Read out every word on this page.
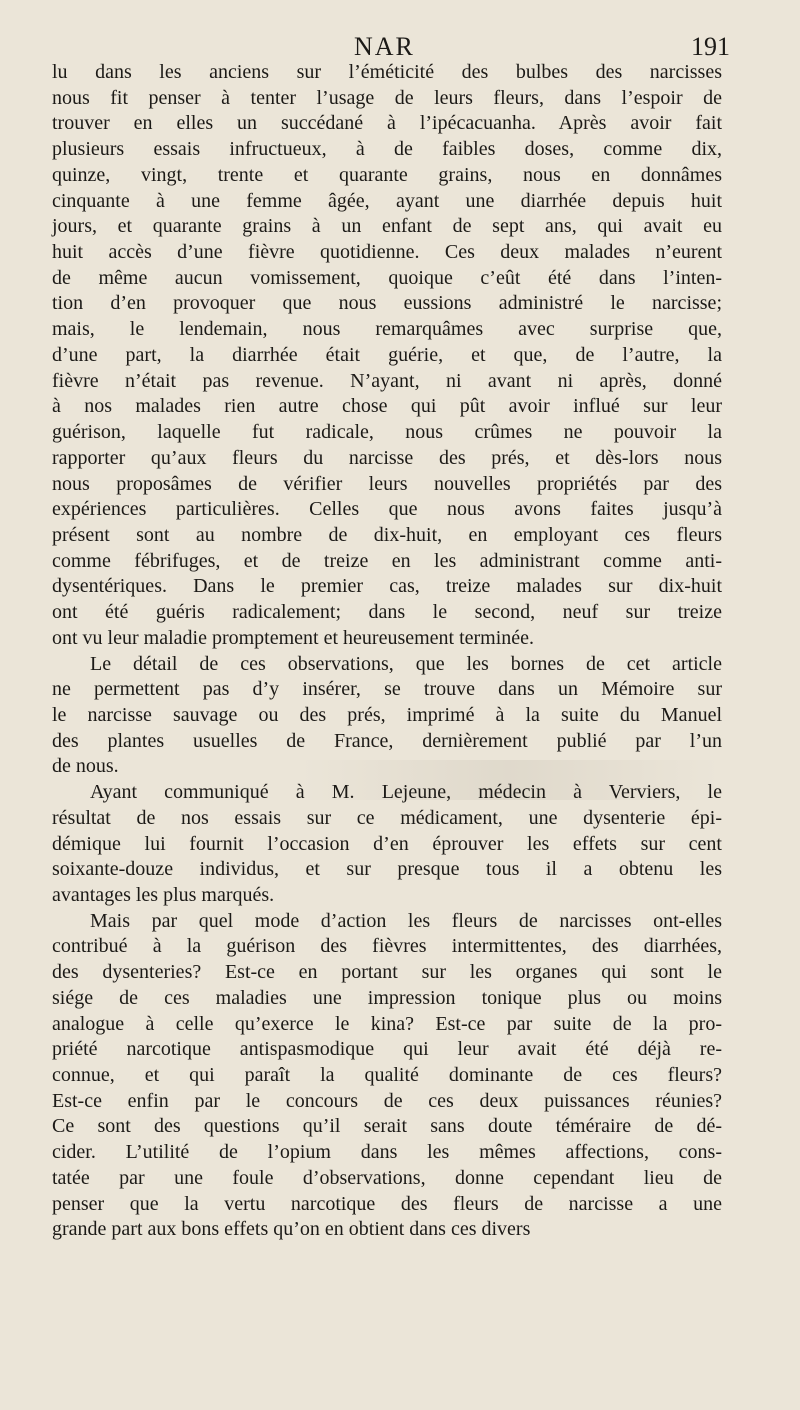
NAR	191
lu dans les anciens sur l’éméticité des bulbes des narcisses
nous fit penser à tenter l’usage de leurs fleurs, dans l’espoir de
trouver en elles un succédané à l’ipécacuanha. Après avoir fait
plusieurs essais infructueux, à de faibles doses, comme dix,
quinze, vingt, trente et quarante grains, nous en donnâmes
cinquante à une femme âgée, ayant une diarrhée depuis huit
jours, et quarante grains à un enfant de sept ans, qui avait eu
huit accès d’une fièvre quotidienne. Ces deux malades n’eurent
de même aucun vomissement, quoique c’eût été dans l’inten-
tion d’en provoquer que nous eussions administré le narcisse;
mais, le lendemain, nous remarquâmes avec surprise que,
d’une part, la diarrhée était guérie, et que, de l’autre, la
fièvre n’était pas revenue. N’ayant, ni avant ni après, donné
à nos malades rien autre chose qui pût avoir influé sur leur
guérison, laquelle fut radicale, nous crûmes ne pouvoir la
rapporter qu’aux fleurs du narcisse des prés, et dès-lors nous
nous proposâmes de vérifier leurs nouvelles propriétés par des
expériences particulières. Celles que nous avons faites jusqu’à
présent sont au nombre de dix-huit, en employant ces fleurs
comme fébrifuges, et de treize en les administrant comme anti-
dysentériques. Dans le premier cas, treize malades sur dix-huit
ont été guéris radicalement; dans le second, neuf sur treize
ont vu leur maladie promptement et heureusement terminée.
Le détail de ces observations, que les bornes de cet article
ne permettent pas d’y insérer, se trouve dans un Mémoire sur
le narcisse sauvage ou des prés, imprimé à la suite du Manuel
des plantes usuelles de France, dernièrement publié par l’un
de nous.
Ayant communiqué à M. Lejeune, médecin à Verviers, le
résultat de nos essais sur ce médicament, une dysenterie épi-
démique lui fournit l’occasion d’en éprouver les effets sur cent
soixante-douze individus, et sur presque tous il a obtenu les
avantages les plus marqués.
Mais par quel mode d’action les fleurs de narcisses ont-elles
contribué à la guérison des fièvres intermittentes, des diarrhées,
des dysenteries? Est-ce en portant sur les organes qui sont le
siége de ces maladies une impression tonique plus ou moins
analogue à celle qu’exerce le kina? Est-ce par suite de la pro-
priété narcotique antispasmodique qui leur avait été déjà re-
connue, et qui paraît la qualité dominante de ces fleurs?
Est-ce enfin par le concours de ces deux puissances réunies?
Ce sont des questions qu’il serait sans doute téméraire de dé-
cider. L’utilité de l’opium dans les mêmes affections, cons-
tatée par une foule d’observations, donne cependant lieu de
penser que la vertu narcotique des fleurs de narcisse a une
grande part aux bons effets qu’on en obtient dans ces divers
